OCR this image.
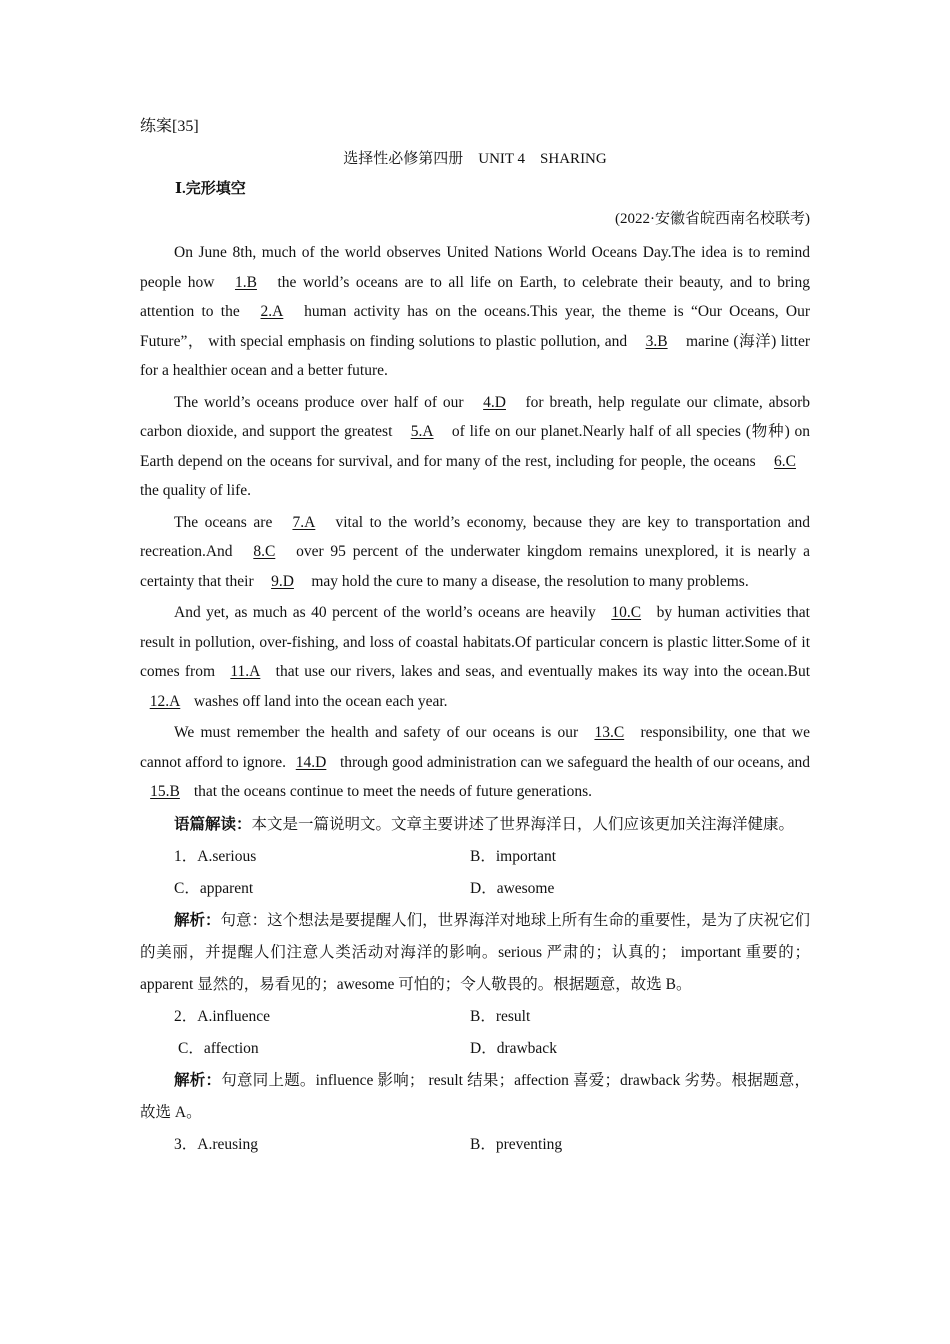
练案[35]
选择性必修第四册　UNIT 4　SHARING
Ⅰ.完形填空
(2022·安徽省皖西南名校联考)

On June 8th, much of the world observes United Nations World Oceans Day.The idea is to remind people how 1.B the world’s oceans are to all life on Earth, to celebrate their beauty, and to bring attention to the 2.A human activity has on the oceans.This year, the theme is “Our Oceans, Our Future”， with special emphasis on finding solutions to plastic pollution, and 3.B marine (海洋) litter for a healthier ocean and a better future.

The world’s oceans produce over half of our 4.D for breath, help regulate our climate, absorb carbon dioxide, and support the greatest 5.A of life on our planet.Nearly half of all species (物种) on Earth depend on the oceans for survival, and for many of the rest, including for people, the oceans 6.C the quality of life.

The oceans are 7.A vital to the world’s economy, because they are key to transportation and recreation.And 8.C over 95 percent of the underwater kingdom remains unexplored, it is nearly a certainty that their 9.D may hold the cure to many a disease, the resolution to many problems.

And yet, as much as 40 percent of the world’s oceans are heavily 10.C by human activities that result in pollution, over-fishing, and loss of coastal habitats.Of particular concern is plastic litter.Some of it comes from 11.A that use our rivers, lakes and seas, and eventually makes its way into the ocean.But 12.A washes off land into the ocean each year.

We must remember the health and safety of our oceans is our 13.C responsibility, one that we cannot afford to ignore. 14.D through good administration can we safeguard the health of our oceans, and 15.B that the oceans continue to meet the needs of future generations.

语篇解读：本文是一篇说明文。文章主要讲述了世界海洋日，人们应该更加关注海洋健康。

1．A.serious	B．important
C．apparent	D．awesome

解析：句意：这个想法是要提醒人们，世界海洋对地球上所有生命的重要性，是为了庆祝它们的美丽，并提醒人们注意人类活动对海洋的影响。serious 严肃的；认真的； important 重要的；apparent 显然的，易看见的；awesome 可怕的；令人敬畏的。根据题意，故选 B。

2．A.influence	B．result
C．affection	D．drawback

解析：句意同上题。influence 影响； result 结果；affection 喜爱；drawback 劣势。根据题意，故选 A。

3．A.reusing	B．preventing
